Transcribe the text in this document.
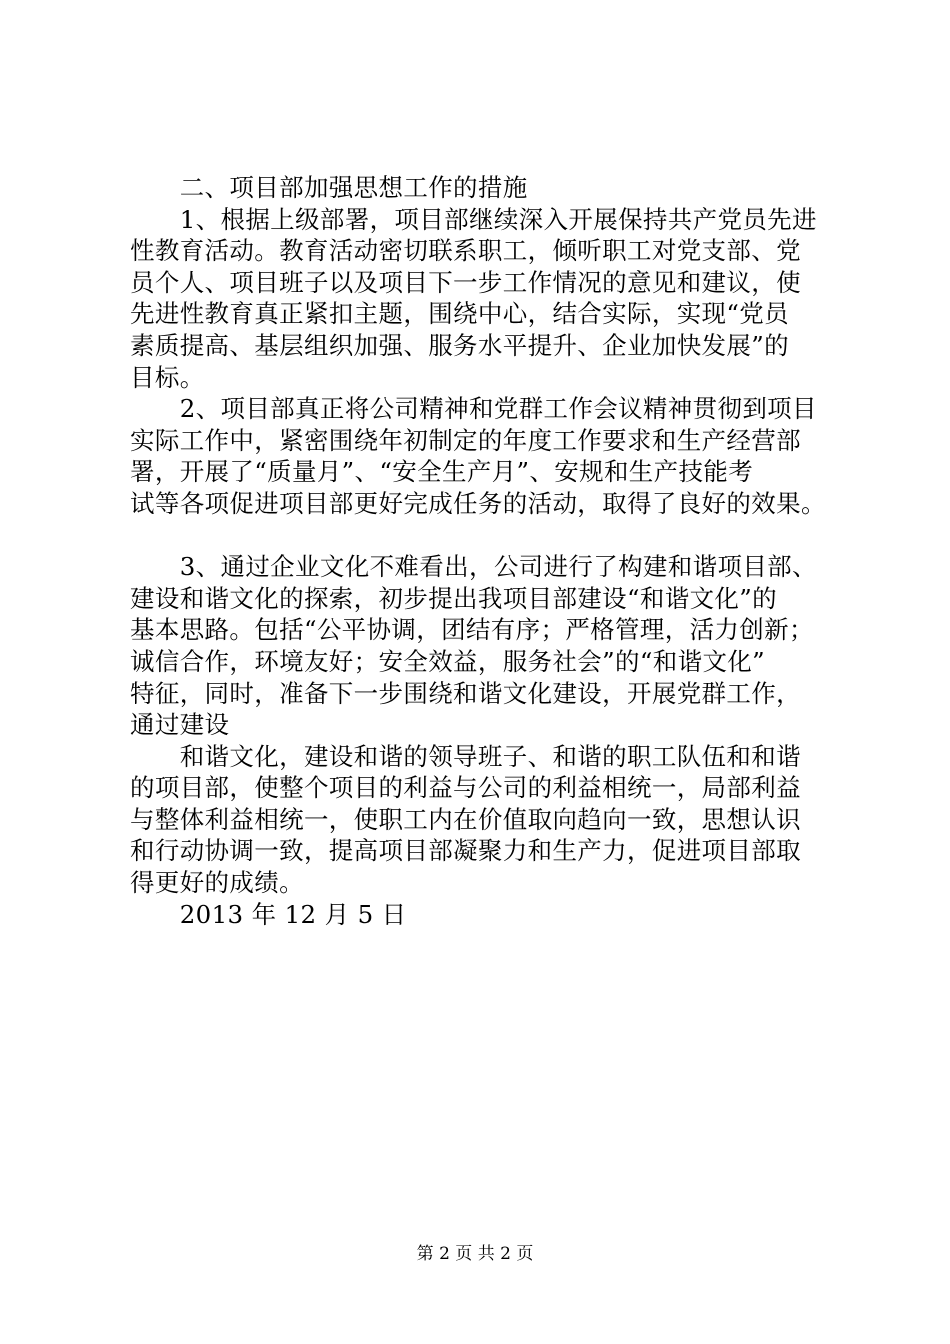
　　二、项目部加强思想工作的措施
　　1、根据上级部署，项目部继续深入开展保持共产党员先进
性教育活动。教育活动密切联系职工，倾听职工对党支部、党
员个人、项目班子以及项目下一步工作情况的意见和建议，使
先进性教育真正紧扣主题，围绕中心，结合实际，实现“党员
素质提高、基层组织加强、服务水平提升、企业加快发展”的
目标。
　　2、项目部真正将公司精神和党群工作会议精神贯彻到项目
实际工作中，紧密围绕年初制定的年度工作要求和生产经营部
署，开展了“质量月”、“安全生产月”、安规和生产技能考
试等各项促进项目部更好完成任务的活动，取得了良好的效果。
　　3、通过企业文化不难看出，公司进行了构建和谐项目部、
建设和谐文化的探索，初步提出我项目部建设“和谐文化”的
基本思路。包括“公平协调，团结有序；严格管理，活力创新；
诚信合作，环境友好；安全效益，服务社会”的“和谐文化”
特征，同时，准备下一步围绕和谐文化建设，开展党群工作，
通过建设
　　和谐文化，建设和谐的领导班子、和谐的职工队伍和和谐
的项目部，使整个项目的利益与公司的利益相统一，局部利益
与整体利益相统一，使职工内在价值取向趋向一致，思想认识
和行动协调一致，提高项目部凝聚力和生产力，促进项目部取
得更好的成绩。
　　2013 年 12 月 5 日
第 2 页 共 2 页
